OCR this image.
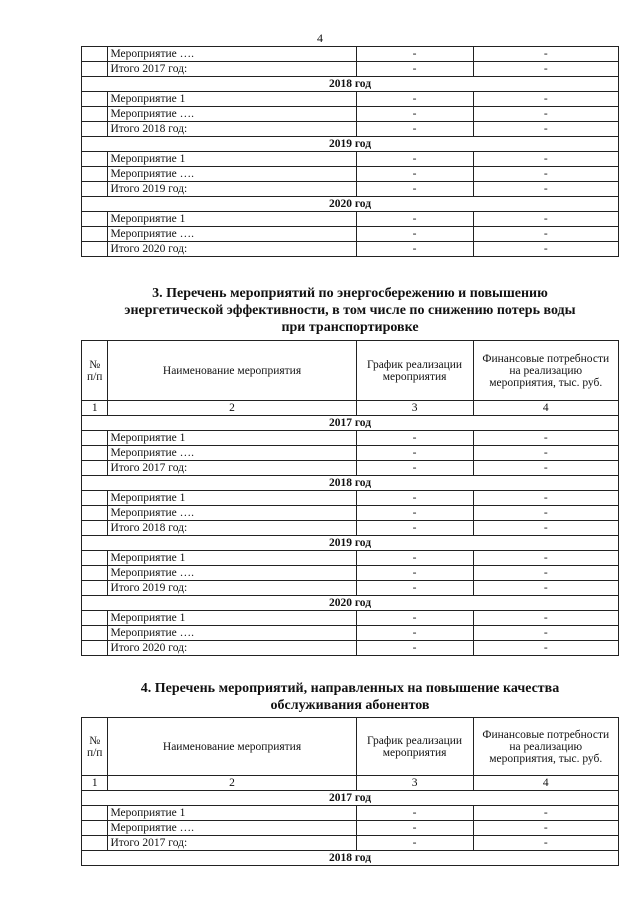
4
	Мероприятие ….	-	-
	Итого 2017 год:	-	-
2018 год			
	Мероприятие 1	-	-
	Мероприятие ….	-	-
	Итого 2018 год:	-	-
2019 год			
	Мероприятие 1	-	-
	Мероприятие ….	-	-
	Итого 2019 год:	-	-
2020 год			
	Мероприятие 1	-	-
	Мероприятие ….	-	-
	Итого 2020 год:	-	-
3. Перечень мероприятий по энергосбережению и повышению
энергетической эффективности, в том числе по снижению потерь воды
при транспортировке
№ п/п	Наименование мероприятия	График реализации мероприятия	Финансовые потребности на реализацию мероприятия, тыс. руб.
1	2	3	4
2017 год			
	Мероприятие 1	-	-
	Мероприятие ….	-	-
	Итого 2017 год:	-	-
2018 год			
	Мероприятие 1	-	-
	Мероприятие ….	-	-
	Итого 2018 год:	-	-
2019 год			
	Мероприятие 1	-	-
	Мероприятие ….	-	-
	Итого 2019 год:	-	-
2020 год			
	Мероприятие 1	-	-
	Мероприятие ….	-	-
	Итого 2020 год:	-	-
4. Перечень мероприятий, направленных на повышение качества
обслуживания абонентов
№ п/п	Наименование мероприятия	График реализации мероприятия	Финансовые потребности на реализацию мероприятия, тыс. руб.
1	2	3	4
2017 год			
	Мероприятие 1	-	-
	Мероприятие ….	-	-
	Итого 2017 год:	-	-
2018 год			
